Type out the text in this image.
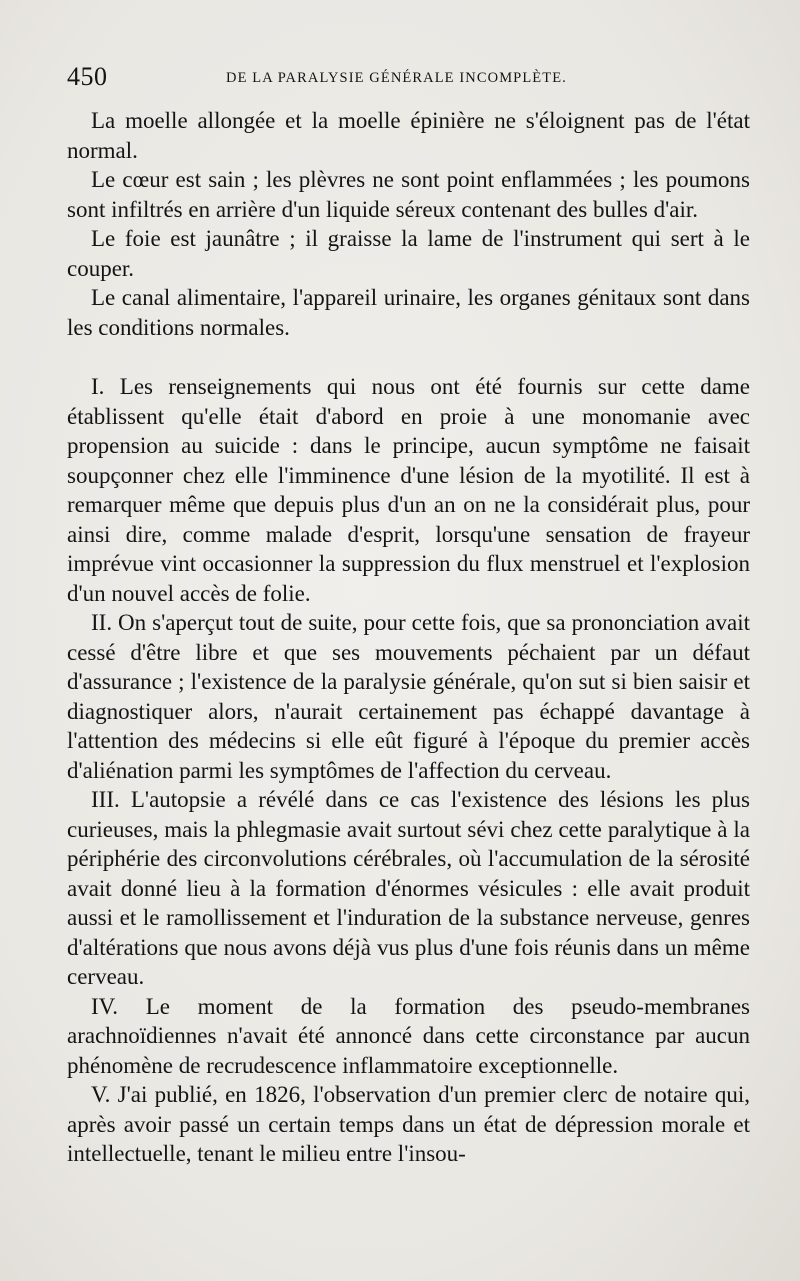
450	DE LA PARALYSIE GÉNÉRALE INCOMPLÈTE.

La moelle allongée et la moelle épinière ne s'éloignent pas de l'état normal.

Le cœur est sain ; les plèvres ne sont point enflammées ; les poumons sont infiltrés en arrière d'un liquide séreux contenant des bulles d'air.

Le foie est jaunâtre ; il graisse la lame de l'instrument qui sert à le couper.

Le canal alimentaire, l'appareil urinaire, les organes génitaux sont dans les conditions normales.

I. Les renseignements qui nous ont été fournis sur cette dame établissent qu'elle était d'abord en proie à une monomanie avec propension au suicide : dans le principe, aucun symptôme ne faisait soupçonner chez elle l'imminence d'une lésion de la myotilité. Il est à remarquer même que depuis plus d'un an on ne la considérait plus, pour ainsi dire, comme malade d'esprit, lorsqu'une sensation de frayeur imprévue vint occasionner la suppression du flux menstruel et l'explosion d'un nouvel accès de folie.

II. On s'aperçut tout de suite, pour cette fois, que sa prononciation avait cessé d'être libre et que ses mouvements péchaient par un défaut d'assurance ; l'existence de la paralysie générale, qu'on sut si bien saisir et diagnostiquer alors, n'aurait certainement pas échappé davantage à l'attention des médecins si elle eût figuré à l'époque du premier accès d'aliénation parmi les symptômes de l'affection du cerveau.

III. L'autopsie a révélé dans ce cas l'existence des lésions les plus curieuses, mais la phlegmasie avait surtout sévi chez cette paralytique à la périphérie des circonvolutions cérébrales, où l'accumulation de la sérosité avait donné lieu à la formation d'énormes vésicules : elle avait produit aussi et le ramollissement et l'induration de la substance nerveuse, genres d'altérations que nous avons déjà vus plus d'une fois réunis dans un même cerveau.

IV. Le moment de la formation des pseudo-membranes arachnoïdiennes n'avait été annoncé dans cette circonstance par aucun phénomène de recrudescence inflammatoire exceptionnelle.

V. J'ai publié, en 1826, l'observation d'un premier clerc de notaire qui, après avoir passé un certain temps dans un état de dépression morale et intellectuelle, tenant le milieu entre l'insou-
